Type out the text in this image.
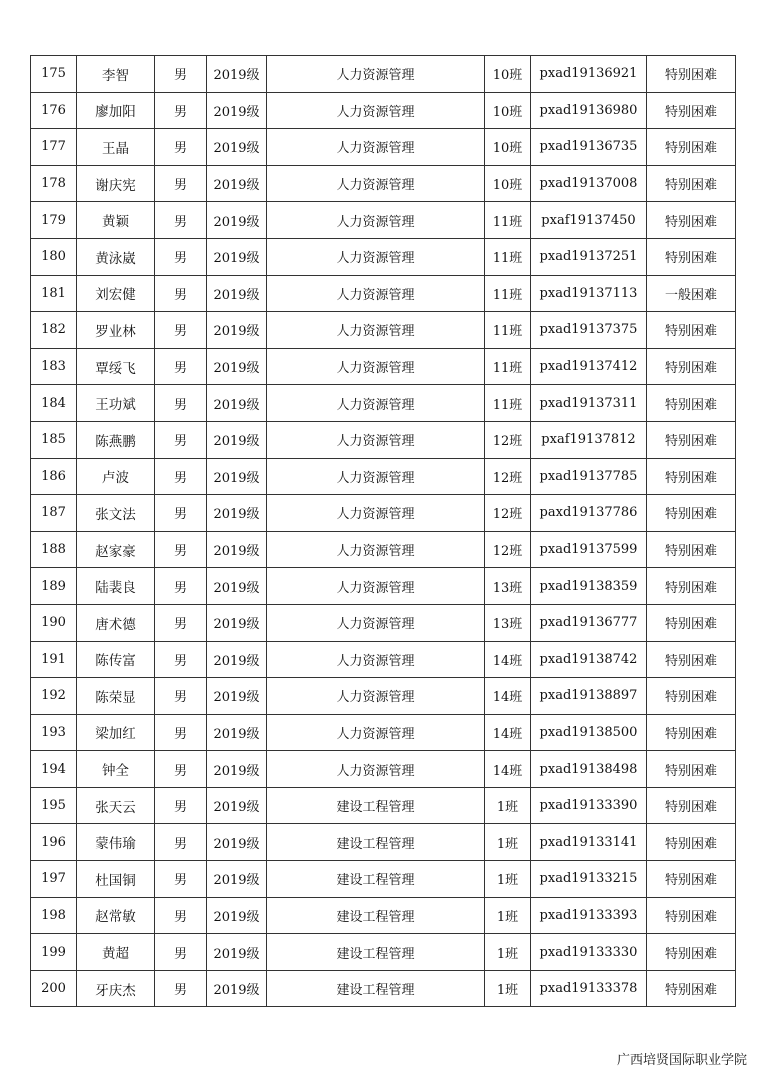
175	李智	男	2019级	人力资源管理	10班	pxad19136921	特别困难
176	廖加阳	男	2019级	人力资源管理	10班	pxad19136980	特别困难
177	王晶	男	2019级	人力资源管理	10班	pxad19136735	特别困难
178	谢庆宪	男	2019级	人力资源管理	10班	pxad19137008	特别困难
179	黄颖	男	2019级	人力资源管理	11班	pxaf19137450	特别困难
180	黄泳崴	男	2019级	人力资源管理	11班	pxad19137251	特别困难
181	刘宏健	男	2019级	人力资源管理	11班	pxad19137113	一般困难
182	罗业林	男	2019级	人力资源管理	11班	pxad19137375	特别困难
183	覃绥飞	男	2019级	人力资源管理	11班	pxad19137412	特别困难
184	王功斌	男	2019级	人力资源管理	11班	pxad19137311	特别困难
185	陈燕鹏	男	2019级	人力资源管理	12班	pxaf19137812	特别困难
186	卢波	男	2019级	人力资源管理	12班	pxad19137785	特别困难
187	张文法	男	2019级	人力资源管理	12班	paxd19137786	特别困难
188	赵家豪	男	2019级	人力资源管理	12班	pxad19137599	特别困难
189	陆裴良	男	2019级	人力资源管理	13班	pxad19138359	特别困难
190	唐术德	男	2019级	人力资源管理	13班	pxad19136777	特别困难
191	陈传富	男	2019级	人力资源管理	14班	pxad19138742	特别困难
192	陈荣显	男	2019级	人力资源管理	14班	pxad19138897	特别困难
193	梁加红	男	2019级	人力资源管理	14班	pxad19138500	特别困难
194	钟全	男	2019级	人力资源管理	14班	pxad19138498	特别困难
195	张天云	男	2019级	建设工程管理	1班	pxad19133390	特别困难
196	蒙伟瑜	男	2019级	建设工程管理	1班	pxad19133141	特别困难
197	杜国铜	男	2019级	建设工程管理	1班	pxad19133215	特别困难
198	赵常敏	男	2019级	建设工程管理	1班	pxad19133393	特别困难
199	黄超	男	2019级	建设工程管理	1班	pxad19133330	特别困难
200	牙庆杰	男	2019级	建设工程管理	1班	pxad19133378	特别困难
广西培贤国际职业学院
